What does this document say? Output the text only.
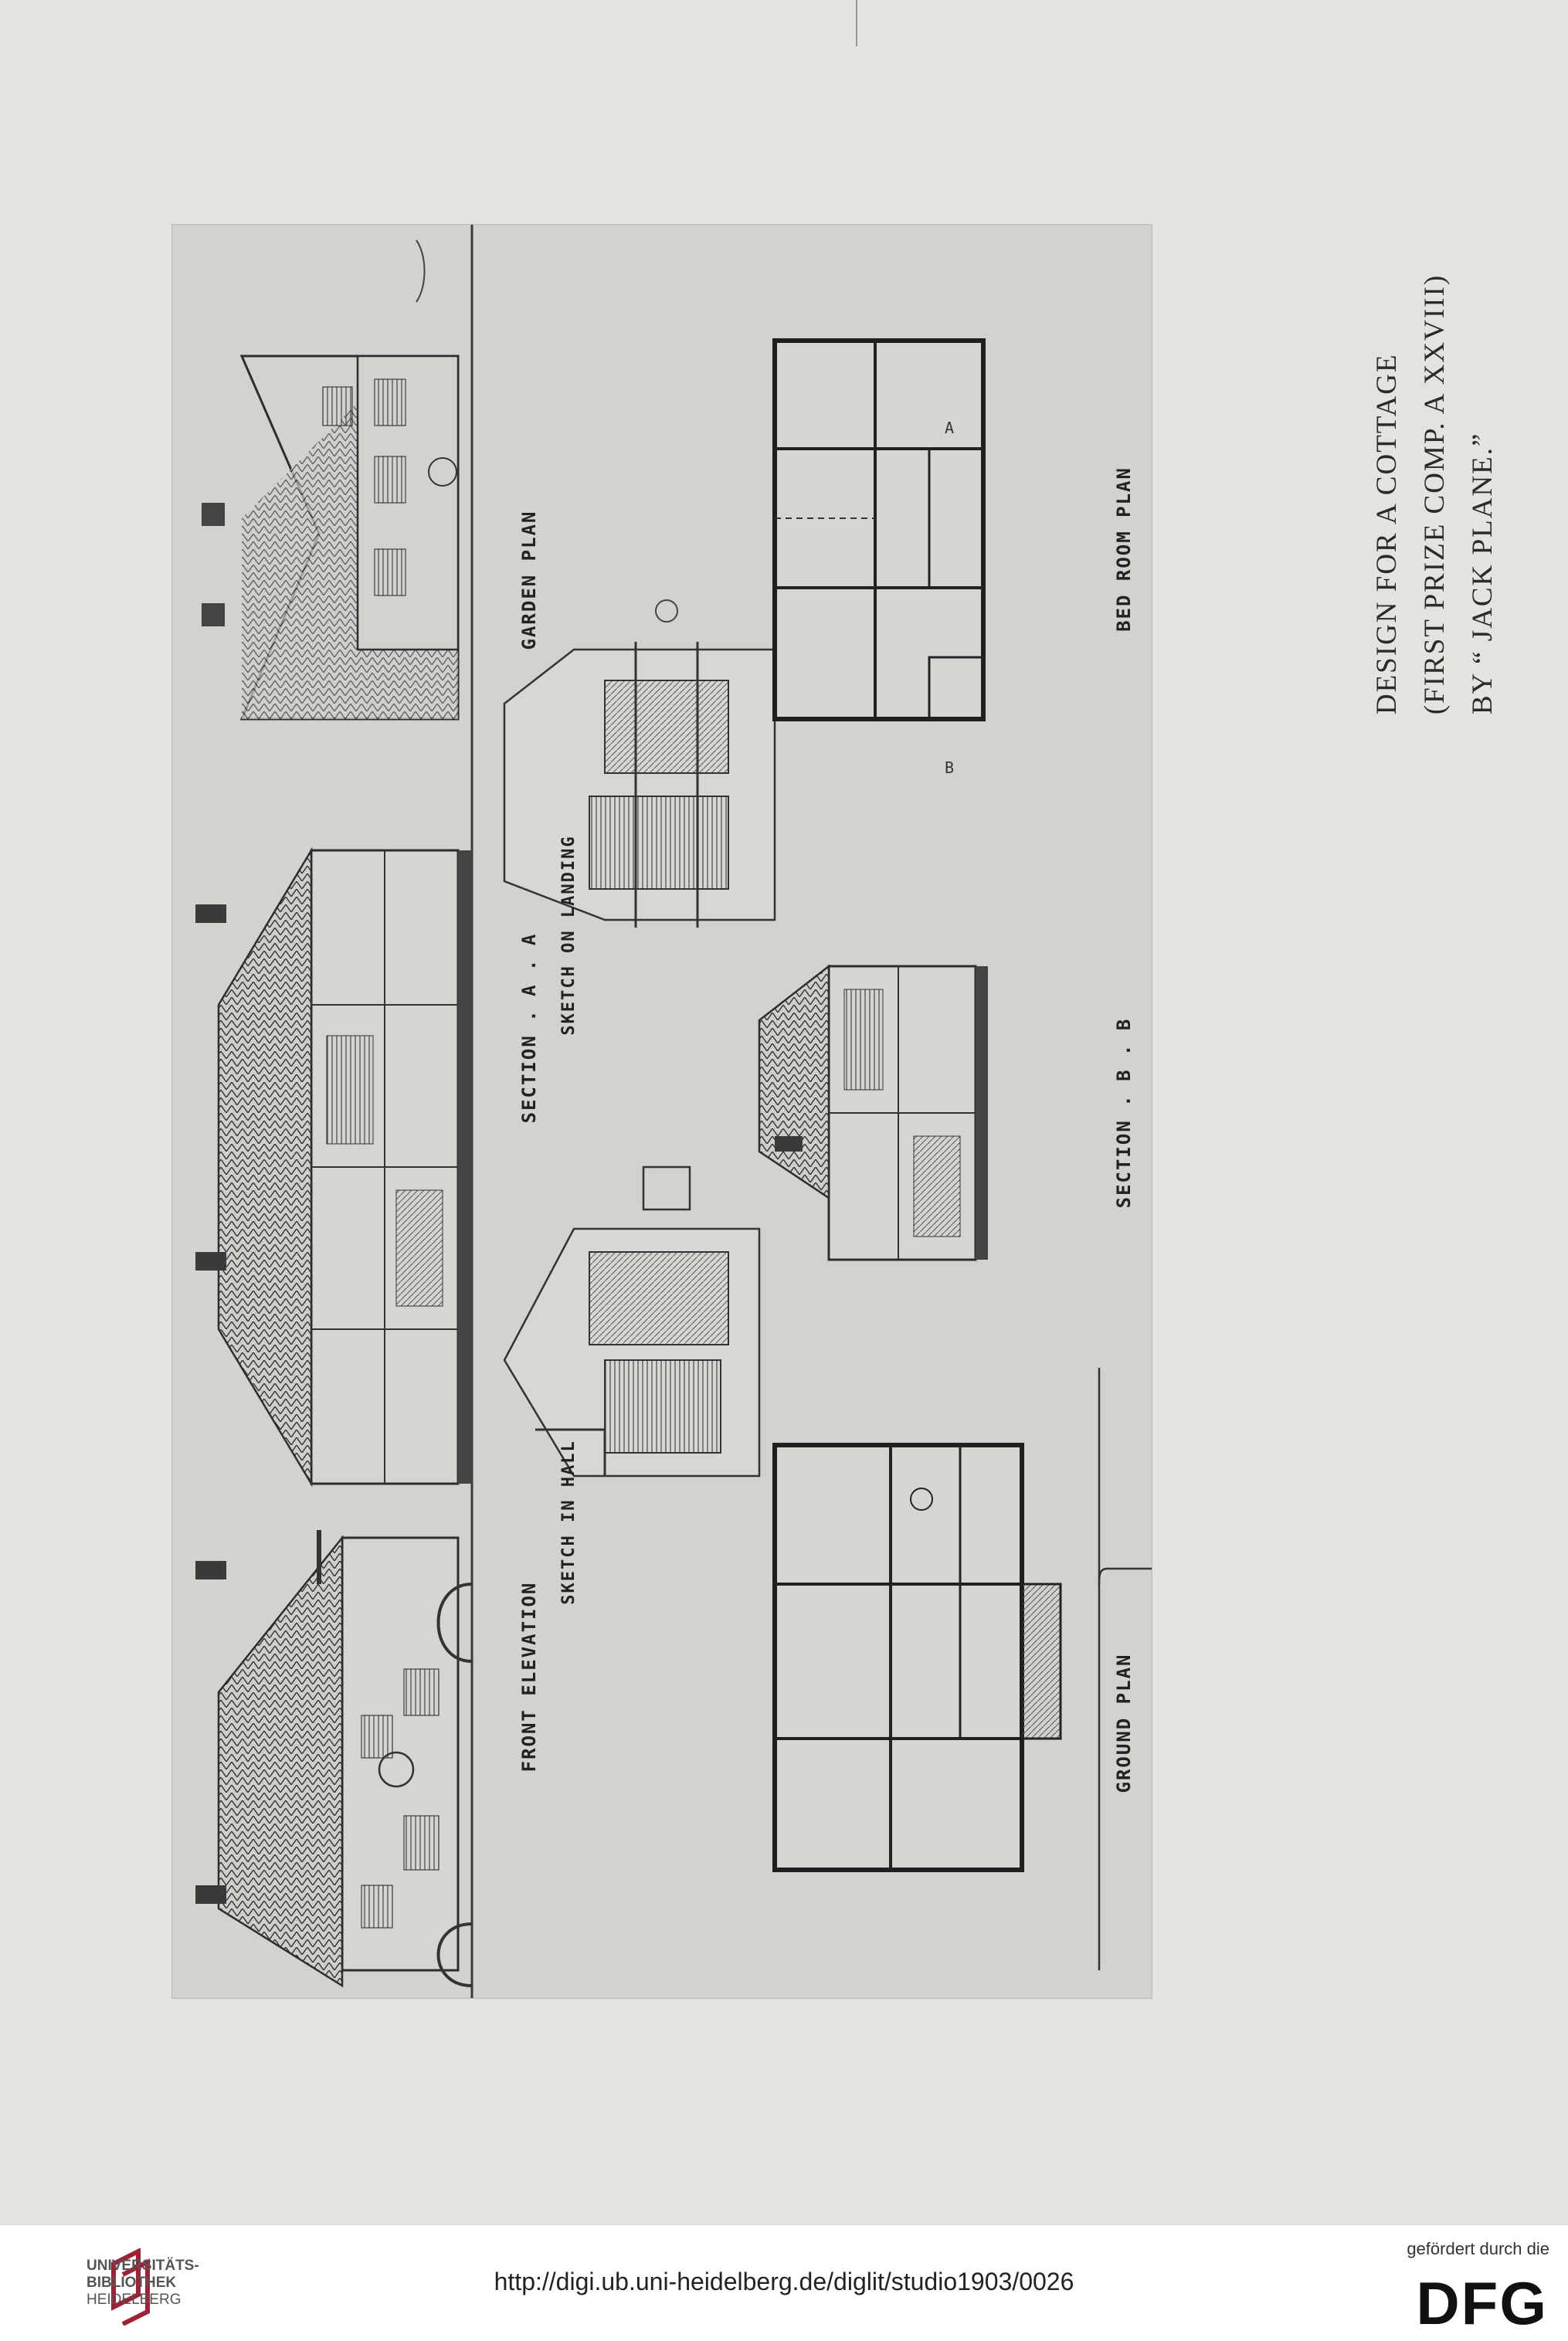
A
B
GARDEN PLAN
SECTION . A . A SKETCH ON LANDING
SKETCH IN HALL
FRONT ELEVATION
SECTION . B . B
BED ROOM PLAN
GROUND PLAN
DESIGN FOR A COTTAGE (FIRST PRIZE COMP. A XXVIII) BY “ JACK PLANE.”
UNIVERSITÄTS-
BIBLIOTHEK
HEIDELBERG
http://digi.ub.uni-heidelberg.de/diglit/studio1903/0026
gefördert durch die
DFG
